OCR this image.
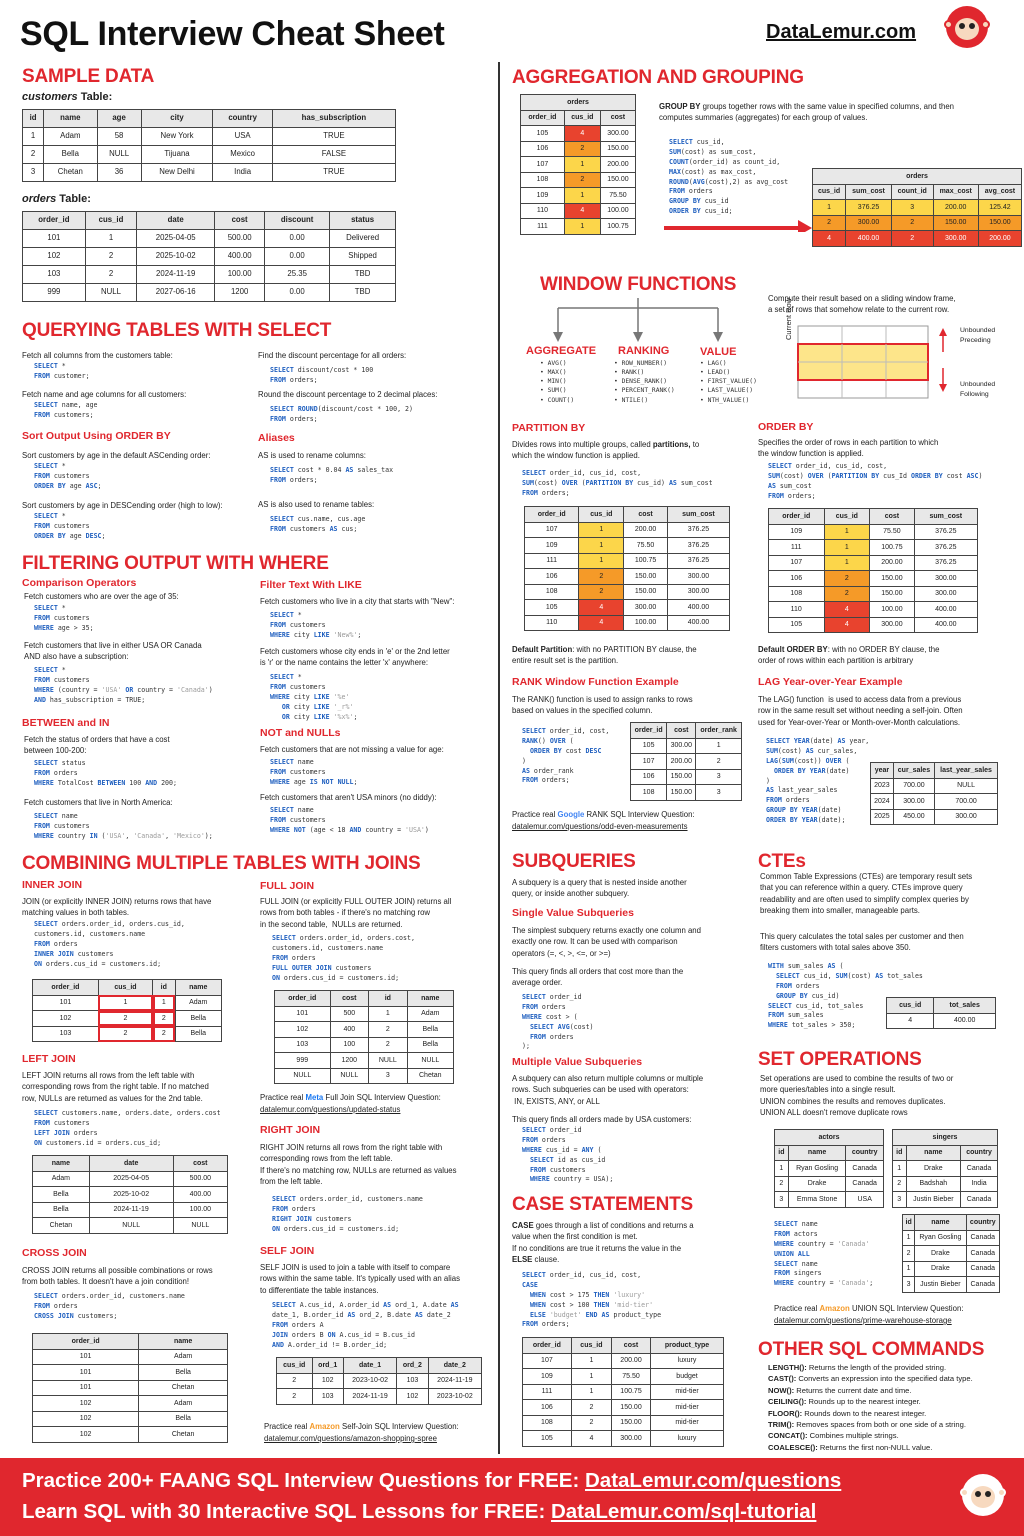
SQL Interview Cheat Sheet	DataLemur.com
SAMPLE DATA
customers Table:
id	name	age	city	country	has_subscription
1	Adam	58	New York	USA	TRUE
2	Bella	NULL	Tijuana	Mexico	FALSE
3	Chetan	36	New Delhi	India	TRUE
orders Table:
order_id	cus_id	date	cost	discount	status
101	1	2025-04-05	500.00	0.00	Delivered
102	2	2025-10-02	400.00	0.00	Shipped
103	2	2024-11-19	100.00	25.35	TBD
999	NULL	2027-06-16	1200	0.00	TBD
QUERYING TABLES WITH SELECT
Fetch all columns from the customers table:
SELECT *
FROM customer;
Fetch name and age columns for all customers:
SELECT name, age
FROM customers;
Sort Output Using ORDER BY
Sort customers by age in the default ASCending order:
SELECT *
FROM customers
ORDER BY age ASC;
Sort customers by age in DESCending order (high to low):
SELECT *
FROM customers
ORDER BY age DESC;
Find the discount percentage for all orders:
SELECT discount/cost * 100
FROM orders;
Round the discount percentage to 2 decimal places:
SELECT ROUND(discount/cost * 100, 2)
FROM orders;
Aliases
AS is used to rename columns:
SELECT cost * 0.04 AS sales_tax
FROM orders;
AS is also used to rename tables:
SELECT cus.name, cus.age
FROM customers AS cus;
FILTERING OUTPUT WITH WHERE
Comparison Operators
Fetch customers who are over the age of 35:
SELECT *
FROM customers
WHERE age > 35;
Fetch customers that live in either USA OR Canada
AND also have a subscription:
SELECT *
FROM customers
WHERE (country = 'USA' OR country = 'Canada')
AND has_subscription = TRUE;
BETWEEN and IN
Fetch the status of orders that have a cost
between 100-200:
SELECT status
FROM orders
WHERE TotalCost BETWEEN 100 AND 200;
Fetch customers that live in North America:
SELECT name
FROM customers
WHERE country IN ('USA', 'Canada', 'Mexico');
Filter Text With LIKE
Fetch customers who live in a city that starts with "New":
SELECT *
FROM customers
WHERE city LIKE 'New%';
Fetch customers whose city ends in 'e' or the 2nd letter
is 'r' or the name contains the letter 'x' anywhere:
SELECT *
FROM customers
WHERE city LIKE '%e'
OR city LIKE '_r%'
OR city LIKE '%x%';
NOT and NULLs
Fetch customers that are not missing a value for age:
SELECT name
FROM customers
WHERE age IS NOT NULL;
Fetch customers that aren't USA minors (no diddy):
SELECT name
FROM customers
WHERE NOT (age < 18 AND country = 'USA')
COMBINING MULTIPLE TABLES WITH JOINS
INNER JOIN
JOIN (or explicitly INNER JOIN) returns rows that have
matching values in both tables.
SELECT orders.order_id, orders.cus_id,
customers.id, customers.name
FROM orders
INNER JOIN customers
ON orders.cus_id = customers.id;
order_id	cus_id	id	name
101	1	1	Adam
102	2	2	Bella
103	2	2	Bella
LEFT JOIN
LEFT JOIN returns all rows from the left table with
corresponding rows from the right table. If no matched
row, NULLs are returned as values for the 2nd table.
SELECT customers.name, orders.date, orders.cost
FROM customers
LEFT JOIN orders
ON customers.id = orders.cus_id;
name	date	cost
Adam	2025-04-05	500.00
Bella	2025-10-02	400.00
Bella	2024-11-19	100.00
Chetan	NULL	NULL
CROSS JOIN
CROSS JOIN returns all possible combinations or rows
from both tables. It doesn't have a join condition!
SELECT orders.order_id, customers.name
FROM orders
CROSS JOIN customers;
order_id	name
101	Adam
101	Bella
101	Chetan
102	Adam
102	Bella
102	Chetan
FULL JOIN
FULL JOIN (or explicitly FULL OUTER JOIN) returns all
rows from both tables - if there's no matching row
in the second table,  NULLs are returned.
SELECT orders.order_id, orders.cost,
customers.id, customers.name
FROM orders
FULL OUTER JOIN customers
ON orders.cus_id = customers.id;
order_id	cost	id	name
101	500	1	Adam
102	400	2	Bella
103	100	2	Bella
999	1200	NULL	NULL
NULL	NULL	3	Chetan
Practice real Meta Full Join SQL Interview Question:
datalemur.com/questions/updated-status
RIGHT JOIN
RIGHT JOIN returns all rows from the right table with
corresponding rows from the left table.
If there's no matching row, NULLs are returned as values
from the left table.
SELECT orders.order_id, customers.name
FROM orders
RIGHT JOIN customers
ON orders.cus_id = customers.id;
SELF JOIN
SELF JOIN is used to join a table with itself to compare
rows within the same table. It's typically used with an alias
to differentiate the table instances.
SELECT A.cus_id, A.order_id AS ord_1, A.date AS
date_1, B.order_id AS ord_2, B.date AS date_2
FROM orders A
JOIN orders B ON A.cus_id = B.cus_id
AND A.order_id != B.order_id;
cus_id	ord_1	date_1	ord_2	date_2
2	102	2023-10-02	103	2024-11-19
2	103	2024-11-19	102	2023-10-02
Practice real Amazon Self-Join SQL Interview Question:
datalemur.com/questions/amazon-shopping-spree
AGGREGATION AND GROUPING
orders		
order_id	cus_id	cost
105	4	300.00
106	2	150.00
107	1	200.00
108	2	150.00
109	1	75.50
110	4	100.00
111	1	100.75
GROUP BY groups together rows with the same value in specified columns, and then
computes summaries (aggregates) for each group of values.
SELECT cus_id,
SUM(cost) as sum_cost,
COUNT(order_id) as count_id,
MAX(cost) as max_cost,
ROUND(AVG(cost),2) as avg_cost
FROM orders
GROUP BY cus_id
ORDER BY cus_id;
orders				
cus_id	sum_cost	count_id	max_cost	avg_cost
1	376.25	3	200.00	125.42
2	300.00	2	150.00	150.00
4	400.00	2	300.00	200.00
WINDOW FUNCTIONS
AGGREGATE RANKING	VALUE
• AVG()
• MAX()
• MIN()
• SUM()
• COUNT()
• ROW_NUMBER()
• RANK()
• DENSE_RANK()
• PERCENT_RANK()
• NTILE()
• LAG()
• LEAD()
• FIRST_VALUE()
• LAST_VALUE()
• NTH_VALUE()
Compute their result based on a sliding window frame,
a set of rows that somehow relate to the current row.
Current Row	Unbounded
Preceding
Unbounded
Following
PARTITION BY
Divides rows into multiple groups, called partitions, to
which the window function is applied.
SELECT order_id, cus_id, cost,
SUM(cost) OVER (PARTITION BY cus_id) AS sum_cost
FROM orders;
order_id	cus_id	cost	sum_cost
107	1	200.00	376.25
109	1	75.50	376.25
111	1	100.75	376.25
106	2	150.00	300.00
108	2	150.00	300.00
105	4	300.00	400.00
110	4	100.00	400.00
Default Partition: with no PARTITION BY clause, the
entire result set is the partition.
ORDER BY
Specifies the order of rows in each partition to which
the window function is applied.
SELECT order_id, cus_id, cost,
SUM(cost) OVER (PARTITION BY cus_Id ORDER BY cost ASC)
AS sum_cost
FROM orders;
order_id	cus_id	cost	sum_cost
109	1	75.50	376.25
111	1	100.75	376.25
107	1	200.00	376.25
106	2	150.00	300.00
108	2	150.00	300.00
110	4	100.00	400.00
105	4	300.00	400.00
Default ORDER BY: with no ORDER BY clause, the
order of rows within each partition is arbitrary
RANK Window Function Example
The RANK() function is used to assign ranks to rows
based on values in the specified column.
SELECT order_id, cost,
RANK() OVER (
ORDER BY cost DESC
)
AS order_rank
FROM orders;
order_id	cost	order_rank
105	300.00	1
107	200.00	2
106	150.00	3
108	150.00	3
Practice real Google RANK SQL Interview Question:
datalemur.com/questions/odd-even-measurements
LAG Year-over-Year Example
The LAG() function  is used to access data from a previous
row in the same result set without needing a self-join. Often
used for Year-over-Year or Month-over-Month calculations.
SELECT YEAR(date) AS year,
SUM(cost) AS cur_sales,
LAG(SUM(cost)) OVER (
ORDER BY YEAR(date)
)
AS last_year_sales
FROM orders
GROUP BY YEAR(date)
ORDER BY YEAR(date);
year	cur_sales	last_year_sales
2023	700.00	NULL
2024	300.00	700.00
2025	450.00	300.00
SUBQUERIES
A subquery is a query that is nested inside another
query, or inside another subquery.
Single Value Subqueries
The simplest subquery returns exactly one column and
exactly one row. It can be used with comparison
operators (=, <, >, <=, or >=)
This query finds all orders that cost more than the
average order.
SELECT order_id
FROM orders
WHERE cost > (
SELECT AVG(cost)
FROM orders
);
Multiple Value Subqueries
A subquery can also return multiple columns or multiple
rows. Such subqueries can be used with operators:
IN, EXISTS, ANY, or ALL
This query finds all orders made by USA customers:
SELECT order_id
FROM orders
WHERE cus_id = ANY (
SELECT id as cus_id
FROM customers
WHERE country = USA);
CASE STATEMENTS
CASE goes through a list of conditions and returns a
value when the first condition is met.
If no conditions are true it returns the value in the
ELSE clause.
SELECT order_id, cus_id, cost,
CASE
WHEN cost > 175 THEN 'luxury'
WHEN cost > 100 THEN 'mid-tier'
ELSE 'budget' END AS product_type
FROM orders;
order_id	cus_id	cost	product_type
107	1	200.00	luxury
109	1	75.50	budget
111	1	100.75	mid-tier
106	2	150.00	mid-tier
108	2	150.00	mid-tier
105	4	300.00	luxury
CTEs
Common Table Expressions (CTEs) are temporary result sets
that you can reference within a query. CTEs improve query
readability and are often used to simplify complex queries by
breaking them into smaller, manageable parts.
This query calculates the total sales per customer and then
filters customers with total sales above 350.
WITH sum_sales AS (
SELECT cus_id, SUM(cost) AS tot_sales
FROM orders
GROUP BY cus_id)
SELECT cus_id, tot_sales
FROM sum_sales
WHERE tot_sales > 350;
cus_id	tot_sales
4	400.00
SET OPERATIONS
Set operations are used to combine the results of two or
more queries/tables into a single result.
UNION combines the results and removes duplicates.
UNION ALL doesn't remove duplicate rows
actors		
id	name	country
1	Ryan Gosling	Canada
2	Drake	Canada
3	Emma Stone	USA
singers		
id	name	country
1	Drake	Canada
2	Badshah	India
3	Justin Bieber	Canada
SELECT name
FROM actors
WHERE country = 'Canada'
UNION ALL
SELECT name
FROM singers
WHERE country = 'Canada';
id	name	country
1	Ryan Gosling	Canada
2	Drake	Canada
1	Drake	Canada
3	Justin Bieber	Canada
Practice real Amazon UNION SQL Interview Question:
datalemur.com/questions/prime-warehouse-storage
OTHER SQL COMMANDS
LENGTH(): Returns the length of the provided string.
CAST(): Converts an expression into the specified data type.
NOW(): Returns the current date and time.
CEILING(): Rounds up to the nearest integer.
FLOOR(): Rounds down to the nearest integer.
TRIM(): Removes spaces from both or one side of a string.
CONCAT(): Combines multiple strings.
COALESCE(): Returns the first non-NULL value.
Practice 200+ FAANG SQL Interview Questions for FREE: DataLemur.com/questions
Learn SQL with 30 Interactive SQL Lessons for FREE: DataLemur.com/sql-tutorial
